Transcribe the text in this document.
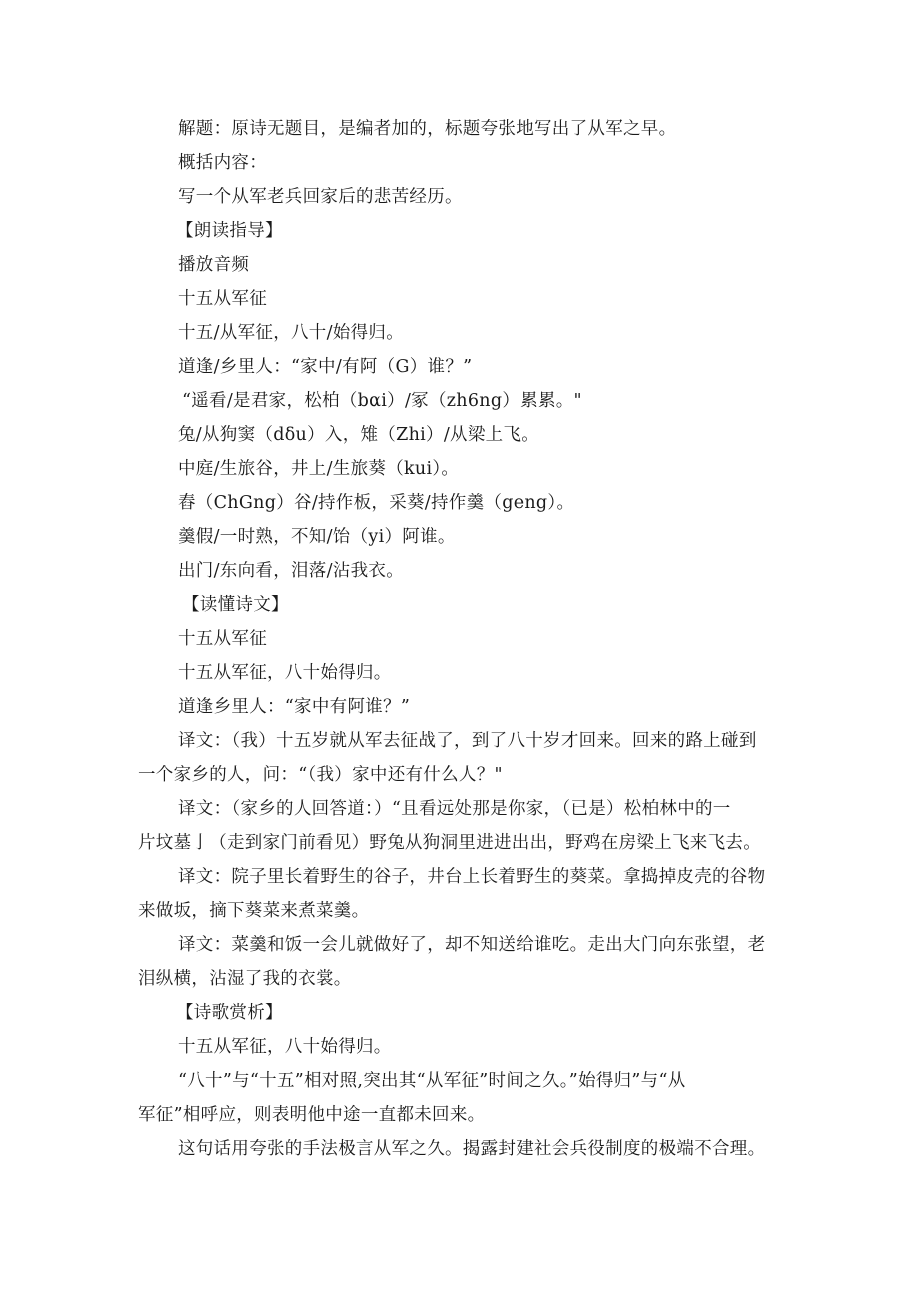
解题：原诗无题目，是编者加的，标题夸张地写出了从军之早。
概括内容：
写一个从军老兵回家后的悲苦经历。
【朗读指导】
播放音频
十五从军征
十五/从军征，八十/始得归。
道逢/乡里人：“家中/有阿（G）谁？”
“遥看/是君家，松柏（bαi）/冢（zh6ng）累累。"
兔/从狗窦（dδu）入，雉（Zhi）/从梁上飞。
中庭/生旅谷，井上/生旅葵（kuі）。
舂（ChGng）谷/持作板，采葵/持作羹（geng）。
羹假/一时熟，不知/饴（yі）阿谁。
出门/东向看，泪落/沾我衣。
【读懂诗文】
十五从军征
十五从军征，八十始得归。
道逢乡里人：“家中有阿谁？”
译文：（我）十五岁就从军去征战了，到了八十岁才回来。回来的路上碰到
一个家乡的人，问：“（我）家中还有什么人？"
译文：（家乡的人回答道：）“且看远处那是你家，（已是）松柏林中的一
片坟墓亅（走到家门前看见）野兔从狗洞里进进出出，野鸡在房梁上飞来飞去。
译文：院子里长着野生的谷子，井台上长着野生的葵菜。拿捣掉皮壳的谷物
来做坂，摘下葵菜来煮菜羹。
译文：菜羹和饭一会儿就做好了，却不知送给谁吃。走出大门向东张望，老
泪纵横，沾湿了我的衣裳。
【诗歌赏析】
十五从军征，八十始得归。
“八十”与“十五”相对照,突出其“从军征”时间之久。”始得归”与“从
军征”相呼应，则表明他中途一直都未回来。
这句话用夸张的手法极言从军之久。揭露封建社会兵役制度的极端不合理。
